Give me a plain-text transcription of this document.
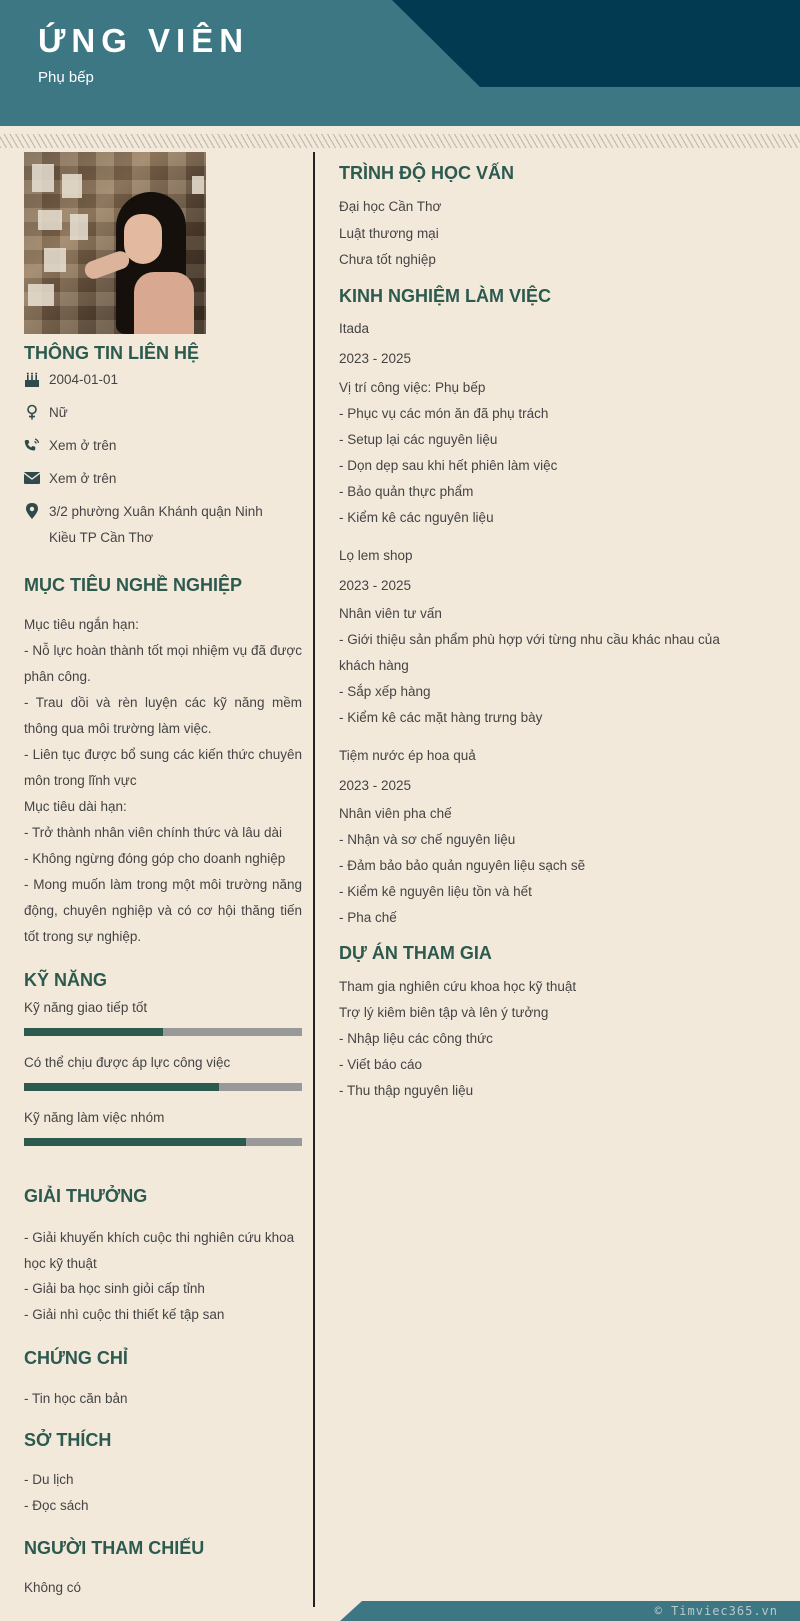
ỨNG VIÊN
Phụ bếp
THÔNG TIN LIÊN HỆ
2004-01-01
Nữ
Xem ở trên
Xem ở trên
3/2 phường Xuân Khánh quận Ninh
Kiều TP Cần Thơ
MỤC TIÊU NGHỀ NGHIỆP
Mục tiêu ngắn hạn:
- Nỗ lực hoàn thành tốt mọi nhiệm vụ đã được phân công.
- Trau dồi và rèn luyện các kỹ năng mềm thông qua môi trường làm việc.
- Liên tục được bổ sung các kiến thức chuyên môn trong lĩnh vực
Mục tiêu dài hạn:
- Trở thành nhân viên chính thức và lâu dài
- Không ngừng đóng góp cho doanh nghiệp
- Mong muốn làm trong một môi trường năng động, chuyên nghiệp và có cơ hội thăng tiến tốt trong sự nghiệp.
KỸ NĂNG
Kỹ năng giao tiếp tốt
Có thể chịu được áp lực công việc
Kỹ năng làm việc nhóm
GIẢI THƯỞNG
- Giải khuyến khích cuộc thi nghiên cứu khoa học kỹ thuật
- Giải ba học sinh giỏi cấp tỉnh
- Giải nhì cuộc thi thiết kế tập san
CHỨNG CHỈ
- Tin học căn bản
SỞ THÍCH
- Du lịch
- Đọc sách
NGƯỜI THAM CHIẾU
Không có
TRÌNH ĐỘ HỌC VẤN
Đại học Cần Thơ
Luật thương mại
Chưa tốt nghiệp
KINH NGHIỆM LÀM VIỆC
Itada
2023 - 2025
Vị trí công việc: Phụ bếp
- Phục vụ các món ăn đã phụ trách
- Setup lại các nguyên liệu
- Dọn dẹp sau khi hết phiên làm việc
- Bảo quản thực phẩm
- Kiểm kê các nguyên liệu
Lọ lem shop
2023 - 2025
Nhân viên tư vấn
- Giới thiệu sản phẩm phù hợp với từng nhu cầu khác nhau của
khách hàng
- Sắp xếp hàng
- Kiểm kê các mặt hàng trưng bày
Tiệm nước ép hoa quả
2023 - 2025
Nhân viên pha chế
- Nhận và sơ chế nguyên liệu
- Đảm bảo bảo quản nguyên liệu sạch sẽ
- Kiểm kê nguyên liệu tồn và hết
- Pha chế
DỰ ÁN THAM GIA
Tham gia nghiên cứu khoa học kỹ thuật
Trợ lý kiêm biên tập và lên ý tưởng
- Nhập liệu các công thức
- Viết báo cáo
- Thu thập nguyên liệu
© Timviec365.vn
